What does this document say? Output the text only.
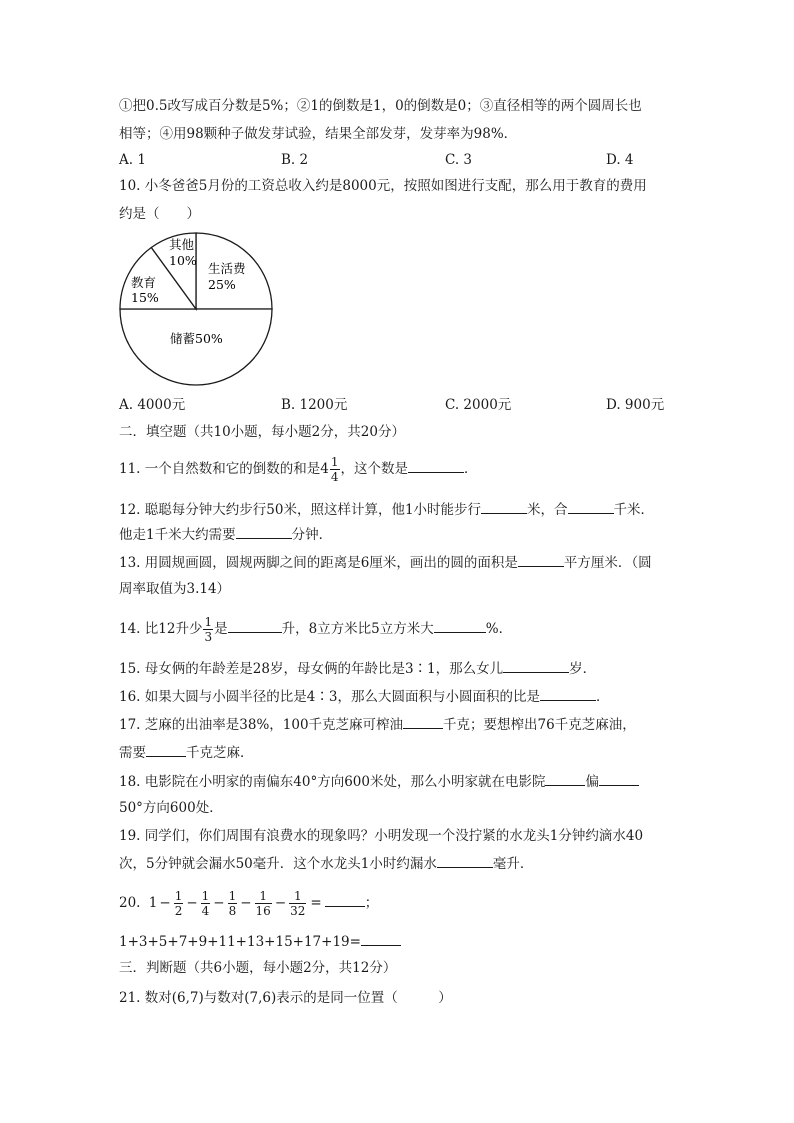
①把0.5改写成百分数是5%；②1的倒数是1，0的倒数是0；③直径相等的两个圆周长也
相等；④用98颗种子做发芽试验，结果全部发芽，发芽率为98%．
A. 1	B. 2	C. 3	D. 4
10. 小冬爸爸5月份的工资总收入约是8000元，按照如图进行支配，那么用于教育的费用
约是（　　）
生活费
25%
其他
10%
教育
15%
储蓄50%
A. 4000元	B. 1200元	C. 2000元	D. 900元
二．填空题（共10小题，每小题2分，共20分）
11. 一个自然数和它的倒数的和是$4 \frac{1}{4}$ ，这个数是	．
12. 聪聪每分钟大约步行50米，照这样计算，他1小时能步行	米，合	千米．
他走1千米大约需要	分钟．
13. 用圆规画圆，圆规两脚之间的距离是6厘米，画出的圆的面积是	平方厘米．（圆
周率取值为3.14）
14. 比12升少 $\frac{1}{3}$ 是	升，8立方米比5立方米大	%．
15. 母女俩的年龄差是28岁，母女俩的年龄比是3∶1，那么女儿	岁．
16. 如果大圆与小圆半径的比是4∶3，那么大圆面积与小圆面积的比是	．
17. 芝麻的出油率是38%，100千克芝麻可榨油	千克；要想榨出76千克芝麻油，
需要	千克芝麻．
18. 电影院在小明家的南偏东40°方向600米处，那么小明家就在电影院	偏
50°方向600处．
19. 同学们，你们周围有浪费水的现象吗？小明发现一个没拧紧的水龙头1分钟约滴水40
次，5分钟就会漏水50毫升．这个水龙头1小时约漏水	毫升．
20. $1 - \frac{1}{2} - \frac{1}{4} - \frac{1}{8} - \frac{1}{16} - \frac{1}{32}$ =	；
1+3+5+7+9+11+13+15+17+19=
三．判断题（共6小题，每小题2分，共12分）
21. 数对(6,7)与数对(7,6)表示的是同一位置（　　　）
